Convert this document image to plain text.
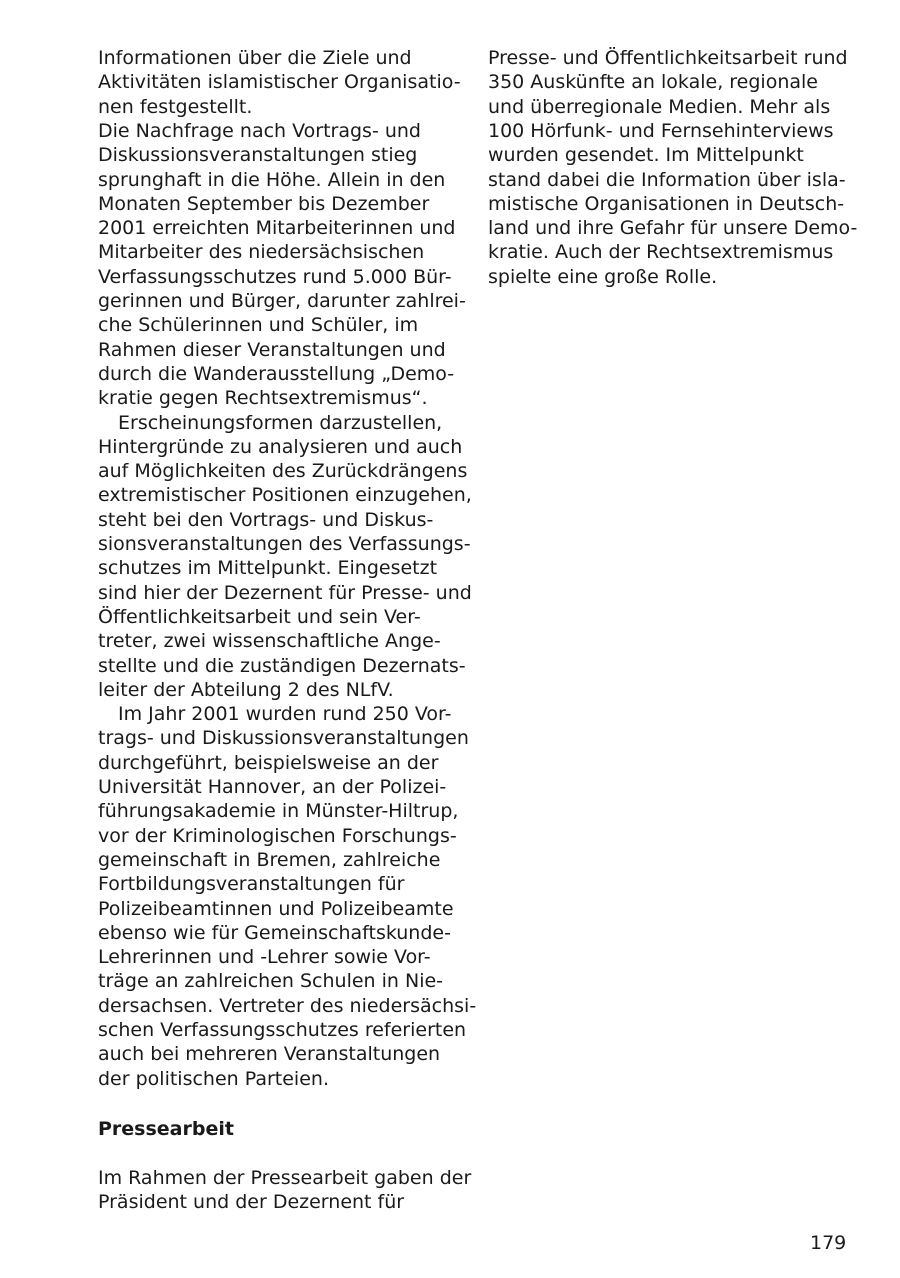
Informationen über die Ziele und
Aktivitäten islamistischer Organisatio-
nen festgestellt.
Die Nachfrage nach Vortrags- und
Diskussionsveranstaltungen stieg
sprunghaft in die Höhe. Allein in den
Monaten September bis Dezember
2001 erreichten Mitarbeiterinnen und
Mitarbeiter des niedersächsischen
Verfassungsschutzes rund 5.000 Bür-
gerinnen und Bürger, darunter zahlrei-
che Schülerinnen und Schüler, im
Rahmen dieser Veranstaltungen und
durch die Wanderausstellung „Demo-
kratie gegen Rechtsextremismus“.
Erscheinungsformen darzustellen,
Hintergründe zu analysieren und auch
auf Möglichkeiten des Zurückdrängens
extremistischer Positionen einzugehen,
steht bei den Vortrags- und Diskus-
sionsveranstaltungen des Verfassungs-
schutzes im Mittelpunkt. Eingesetzt
sind hier der Dezernent für Presse- und
Öffentlichkeitsarbeit und sein Ver-
treter, zwei wissenschaftliche Ange-
stellte und die zuständigen Dezernats-
leiter der Abteilung 2 des NLfV.
Im Jahr 2001 wurden rund 250 Vor-
trags- und Diskussionsveranstaltungen
durchgeführt, beispielsweise an der
Universität Hannover, an der Polizei-
führungsakademie in Münster-Hiltrup,
vor der Kriminologischen Forschungs-
gemeinschaft in Bremen, zahlreiche
Fortbildungsveranstaltungen für
Polizeibeamtinnen und Polizeibeamte
ebenso wie für Gemeinschaftskunde-
Lehrerinnen und -Lehrer sowie Vor-
träge an zahlreichen Schulen in Nie-
dersachsen. Vertreter des niedersächsi-
schen Verfassungsschutzes referierten
auch bei mehreren Veranstaltungen
der politischen Parteien.
Pressearbeit
Im Rahmen der Pressearbeit gaben der
Präsident und der Dezernent für
Presse- und Öffentlichkeitsarbeit rund
350 Auskünfte an lokale, regionale
und überregionale Medien. Mehr als
100 Hörfunk- und Fernsehinterviews
wurden gesendet. Im Mittelpunkt
stand dabei die Information über isla-
mistische Organisationen in Deutsch-
land und ihre Gefahr für unsere Demo-
kratie. Auch der Rechtsextremismus
spielte eine große Rolle.
179
